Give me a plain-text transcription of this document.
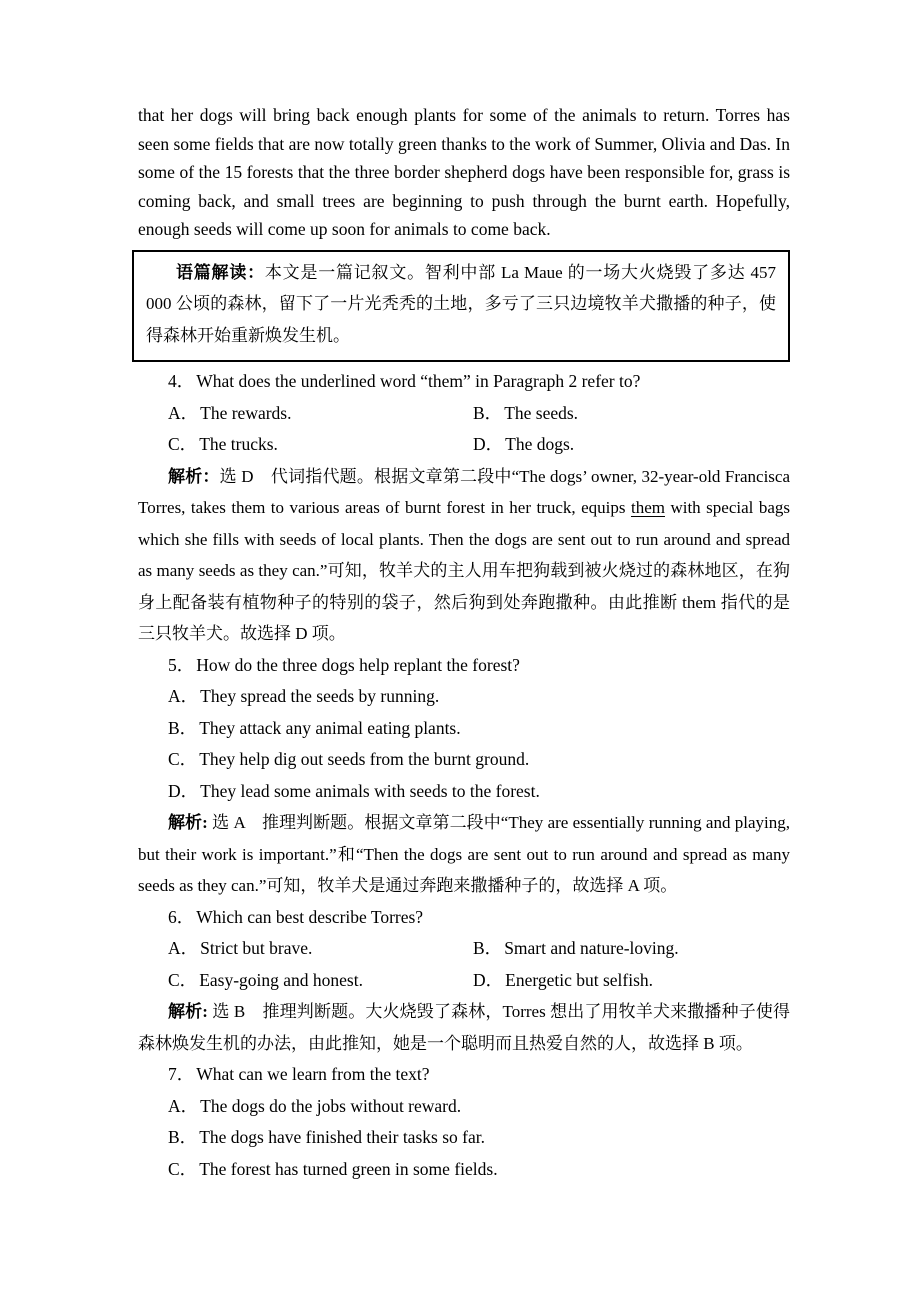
that her dogs will bring back enough plants for some of the animals to return. Torres has seen some fields that are now totally green thanks to the work of Summer, Olivia and Das. In some of the 15 forests that the three border shepherd dogs have been responsible for, grass is coming back, and small trees are beginning to push through the burnt earth. Hopefully, enough seeds will come up soon for animals to come back.

语篇解读：本文是一篇记叙文。智利中部 La Maue 的一场大火烧毁了多达 457 000 公顷的森林，留下了一片光秃秃的土地，多亏了三只边境牧羊犬撒播的种子，使得森林开始重新焕发生机。

4． What does the underlined word “them” in Paragraph 2 refer to?

A． The rewards.	B． The seeds.

C． The trucks.	D． The dogs.

解析：选 D　代词指代题。根据文章第二段中“The dogs’ owner, 32-year-old Francisca Torres, takes them to various areas of burnt forest in her truck, equips them with special bags which she fills with seeds of local plants. Then the dogs are sent out to run around and spread as many seeds as they can.”可知，牧羊犬的主人用车把狗载到被火烧过的森林地区，在狗身上配备装有植物种子的特别的袋子，然后狗到处奔跑撒种。由此推断 them 指代的是三只牧羊犬。故选择 D 项。

5． How do the three dogs help replant the forest?

A． They spread the seeds by running.

B． They attack any animal eating plants.

C． They help dig out seeds from the burnt ground.

D． They lead some animals with seeds to the forest.

解析: 选 A　推理判断题。根据文章第二段中“They are essentially running and playing, but their work is important.”和“Then the dogs are sent out to run around and spread as many seeds as they can.”可知，牧羊犬是通过奔跑来撒播种子的，故选择 A 项。

6． Which can best describe Torres?

A． Strict but brave.	B． Smart and nature-loving.

C． Easy-going and honest.	D． Energetic but selfish.

解析: 选 B　推理判断题。大火烧毁了森林，Torres 想出了用牧羊犬来撒播种子使得森林焕发生机的办法，由此推知，她是一个聪明而且热爱自然的人，故选择 B 项。

7． What can we learn from the text?

A． The dogs do the jobs without reward.

B． The dogs have finished their tasks so far.

C． The forest has turned green in some fields.
